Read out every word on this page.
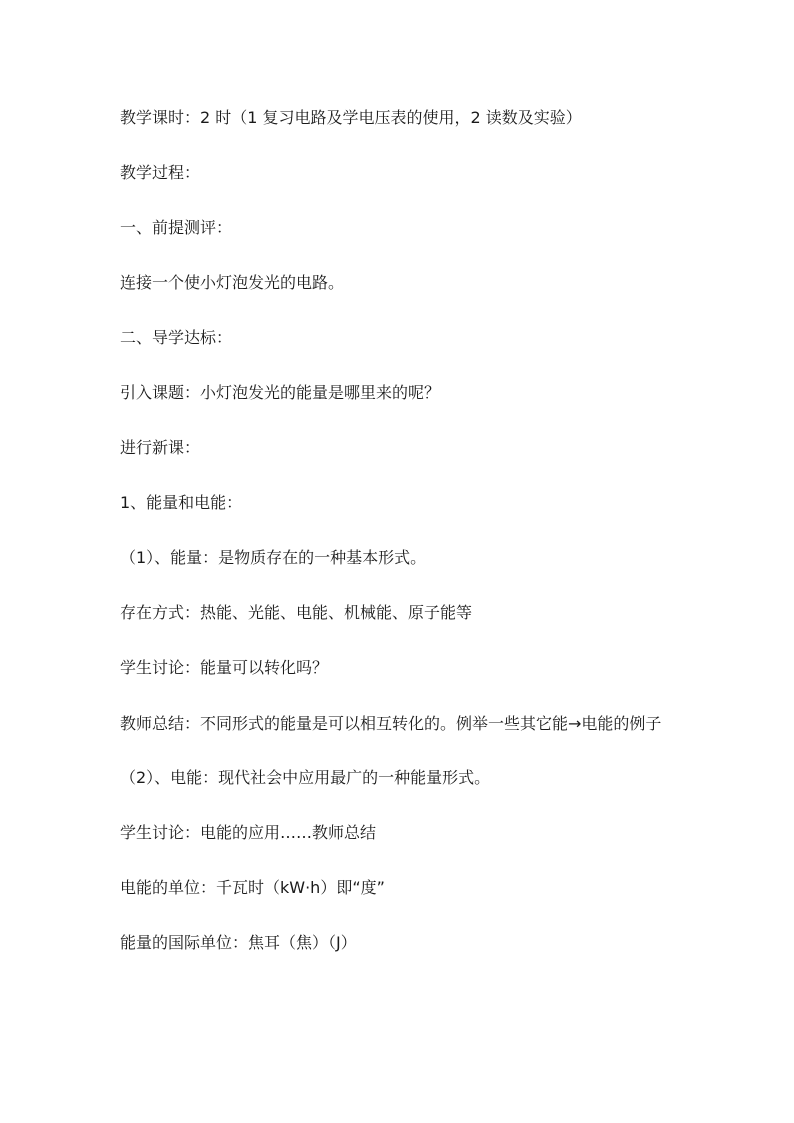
教学课时：2 时（1 复习电路及学电压表的使用，2 读数及实验）

教学过程：

一、前提测评：

连接一个使小灯泡发光的电路。

二、导学达标：

引入课题：小灯泡发光的能量是哪里来的呢？

进行新课：

1、能量和电能：

（1）、能量：是物质存在的一种基本形式。

存在方式：热能、光能、电能、机械能、原子能等

学生讨论：能量可以转化吗？

教师总结：不同形式的能量是可以相互转化的。例举一些其它能→电能的例子

（2）、电能：现代社会中应用最广的一种能量形式。

学生讨论：电能的应用……教师总结

电能的单位：千瓦时（kW·h）即“度”

能量的国际单位：焦耳（焦）（J）
